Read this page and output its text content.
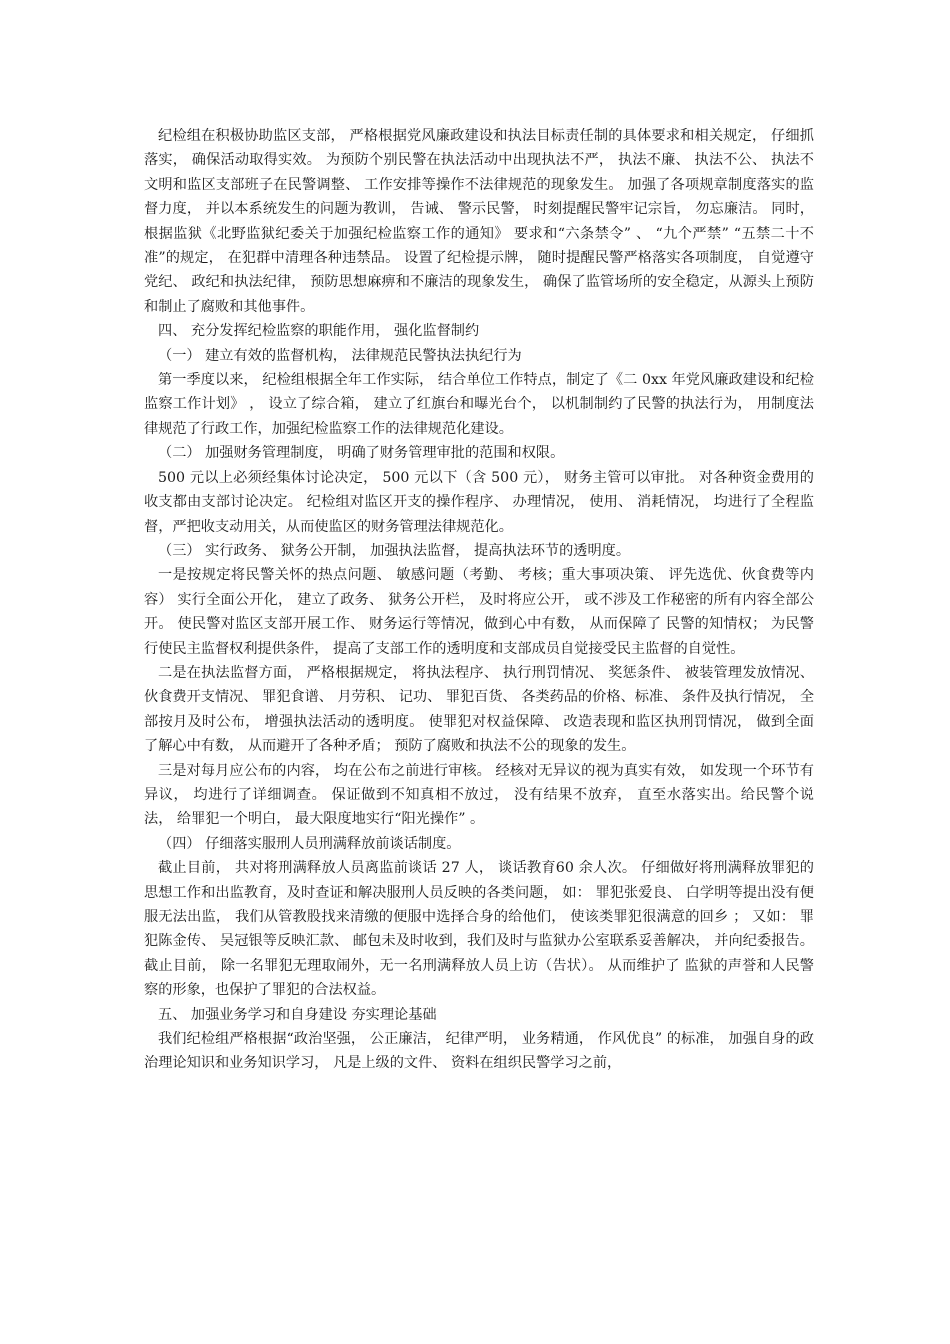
纪检组在积极协助监区支部， 严格根据党风廉政建设和执法目标责任制的具体要求和相关规定， 仔细抓落实， 确保活动取得实效。 为预防个别民警在执法活动中出现执法不严， 执法不廉、 执法不公、 执法不文明和监区支部班子在民警调整、 工作安排等操作不法律规范的现象发生。 加强了各项规章制度落实的监督力度， 并以本系统发生的问题为教训， 告诫、 警示民警， 时刻提醒民警牢记宗旨， 勿忘廉洁。 同时， 根据监狱《北野监狱纪委关于加强纪检监察工作的通知》 要求和“六条禁令” 、 “九个严禁” “五禁二十不准”的规定， 在犯群中清理各种违禁品。 设置了纪检提示牌， 随时提醒民警严格落实各项制度， 自觉遵守党纪、 政纪和执法纪律， 预防思想麻痹和不廉洁的现象发生， 确保了监管场所的安全稳定，从源头上预防和制止了腐败和其他事件。

四、 充分发挥纪检监察的职能作用， 强化监督制约

（一） 建立有效的监督机构， 法律规范民警执法执纪行为

第一季度以来， 纪检组根据全年工作实际， 结合单位工作特点，制定了《二 0xx 年党风廉政建设和纪检监察工作计划》 ， 设立了综合箱， 建立了红旗台和曝光台个， 以机制制约了民警的执法行为， 用制度法律规范了行政工作，加强纪检监察工作的法律规范化建设。

（二） 加强财务管理制度， 明确了财务管理审批的范围和权限。

500 元以上必须经集体讨论决定， 500 元以下（含 500 元）， 财务主管可以审批。 对各种资金费用的收支都由支部讨论决定。 纪检组对监区开支的操作程序、 办理情况， 使用、 消耗情况， 均进行了全程监督，严把收支动用关，从而使监区的财务管理法律规范化。

（三） 实行政务、 狱务公开制， 加强执法监督， 提高执法环节的透明度。

一是按规定将民警关怀的热点问题、 敏感问题（考勤、 考核；重大事项决策、 评先选优、伙食费等内容） 实行全面公开化， 建立了政务、 狱务公开栏， 及时将应公开， 或不涉及工作秘密的所有内容全部公开。 使民警对监区支部开展工作、 财务运行等情况，做到心中有数， 从而保障了 民警的知情权； 为民警行使民主监督权利提供条件， 提高了支部工作的透明度和支部成员自觉接受民主监督的自觉性。

二是在执法监督方面， 严格根据规定， 将执法程序、 执行刑罚情况、 奖惩条件、 被装管理发放情况、 伙食费开支情况、 罪犯食谱、 月劳积、 记功、 罪犯百货、 各类药品的价格、标准、 条件及执行情况， 全部按月及时公布， 增强执法活动的透明度。 使罪犯对权益保障、 改造表现和监区执刑罚情况， 做到全面了解心中有数， 从而避开了各种矛盾； 预防了腐败和执法不公的现象的发生。

三是对每月应公布的内容， 均在公布之前进行审核。 经核对无异议的视为真实有效， 如发现一个环节有异议， 均进行了详细调查。 保证做到不知真相不放过， 没有结果不放弃， 直至水落实出。给民警个说法， 给罪犯一个明白， 最大限度地实行“阳光操作” 。

（四） 仔细落实服刑人员刑满释放前谈话制度。

截止目前， 共对将刑满释放人员离监前谈话 27 人， 谈话教育60 余人次。 仔细做好将刑满释放罪犯的思想工作和出监教育，及时查证和解决服刑人员反映的各类问题， 如： 罪犯张爱良、 白学明等提出没有便服无法出监， 我们从管教股找来清缴的便服中选择合身的给他们， 使该类罪犯很满意的回乡 ； 又如： 罪犯陈金传、 吴冠银等反映汇款、 邮包未及时收到，我们及时与监狱办公室联系妥善解决， 并向纪委报告。 截止目前， 除一名罪犯无理取闹外，无一名刑满释放人员上访（告状）。 从而维护了 监狱的声誉和人民警察的形象，也保护了罪犯的合法权益。

五、 加强业务学习和自身建设 夯实理论基础

我们纪检组严格根据“政治坚强， 公正廉洁， 纪律严明， 业务精通， 作风优良” 的标准， 加强自身的政治理论知识和业务知识学习， 凡是上级的文件、 资料在组织民警学习之前，
